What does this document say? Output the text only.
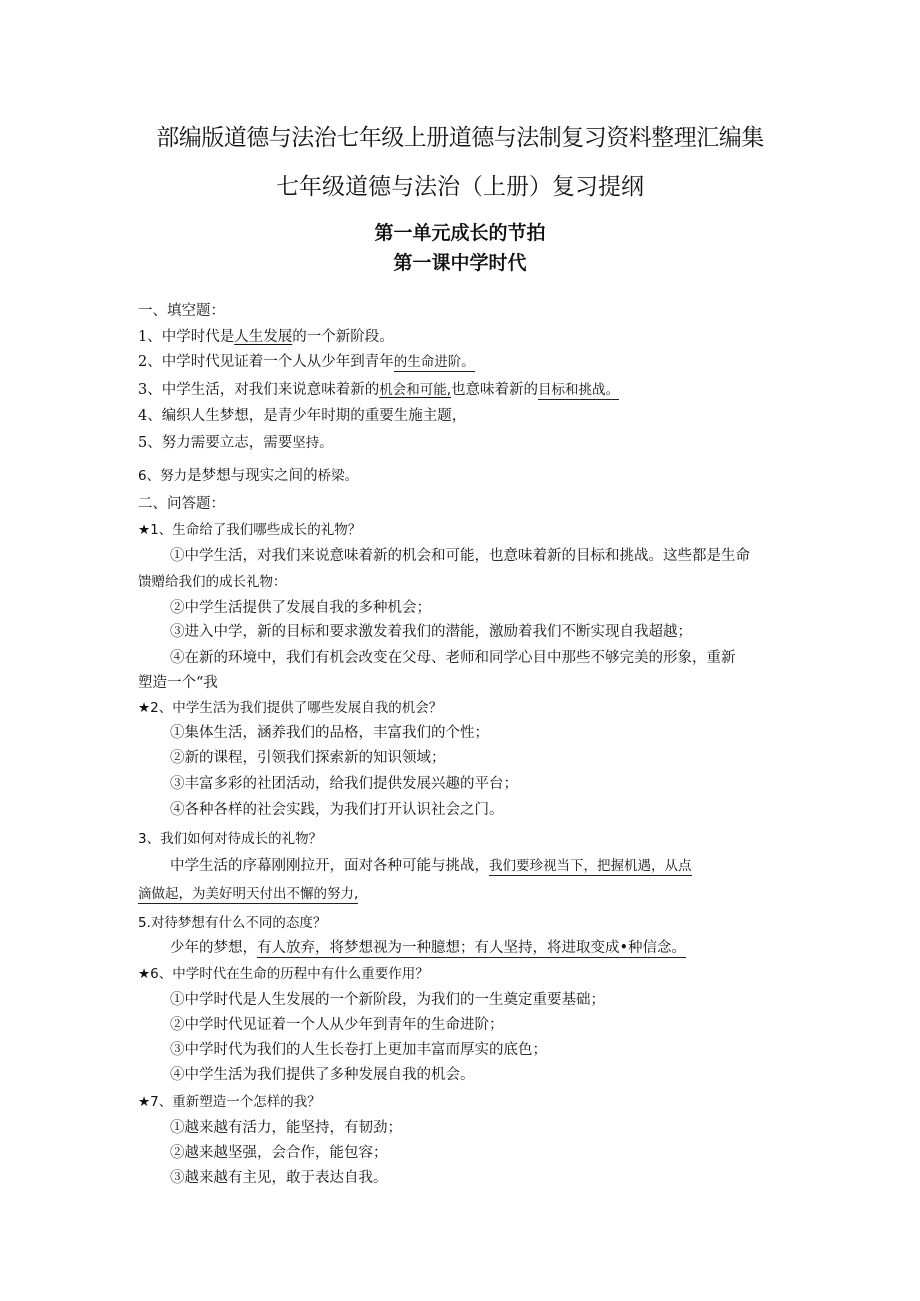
部编版道德与法治七年级上册道德与法制复习资料整理汇编集
七年级道德与法治（上册）复习提纲
第一单元成长的节拍
第一课中学时代
一、填空题：
1、中学时代是人生发展的一个新阶段。
2、中学时代见证着一个人从少年到青年的生命进阶。
3、中学生活，对我们来说意味着新的机会和可能,也意味着新的目标和挑战。
4、编织人生梦想，是青少年时期的重要生施主题，
5、努力需要立志，需要坚持。
6、努力是梦想与现实之间的桥梁。
二、问答题：
★1、生命给了我们哪些成长的礼物？
①中学生活，对我们来说意味着新的机会和可能，也意味着新的目标和挑战。这些都是生命
馈赠给我们的成长礼物：
②中学生活提供了发展自我的多种机会；
③进入中学，新的目标和要求激发着我们的潜能，激励着我们不断实现自我超越；
④在新的环境中，我们有机会改变在父母、老师和同学心目中那些不够完美的形象，重新
塑造一个“我
★2、中学生活为我们提供了哪些发展自我的机会？
①集体生活，涵养我们的品格，丰富我们的个性；
②新的课程，引领我们探索新的知识领域；
③丰富多彩的社团活动，给我们提供发展兴趣的平台；
④各种各样的社会实践，为我们打开认识社会之门。
3、我们如何对待成长的礼物？
中学生活的序幕刚刚拉开，面对各种可能与挑战，我们要珍视当下，把握机遇，从点
滴做起，为美好明天付出不懈的努力,
5.对待梦想有什么不同的态度？
少年的梦想，有人放弃，将梦想视为一种臆想；有人坚持，将进取变成•种信念。
★6、中学时代在生命的历程中有什么重要作用？
①中学时代是人生发展的一个新阶段，为我们的一生奠定重要基础；
②中学时代见证着一个人从少年到青年的生命进阶；
③中学时代为我们的人生长卷打上更加丰富而厚实的底色；
④中学生活为我们提供了多种发展自我的机会。
★7、重新塑造一个怎样的我？
①越来越有活力，能坚持，有韧劲；
②越来越坚强，会合作，能包容；
③越来越有主见，敢于表达自我。
